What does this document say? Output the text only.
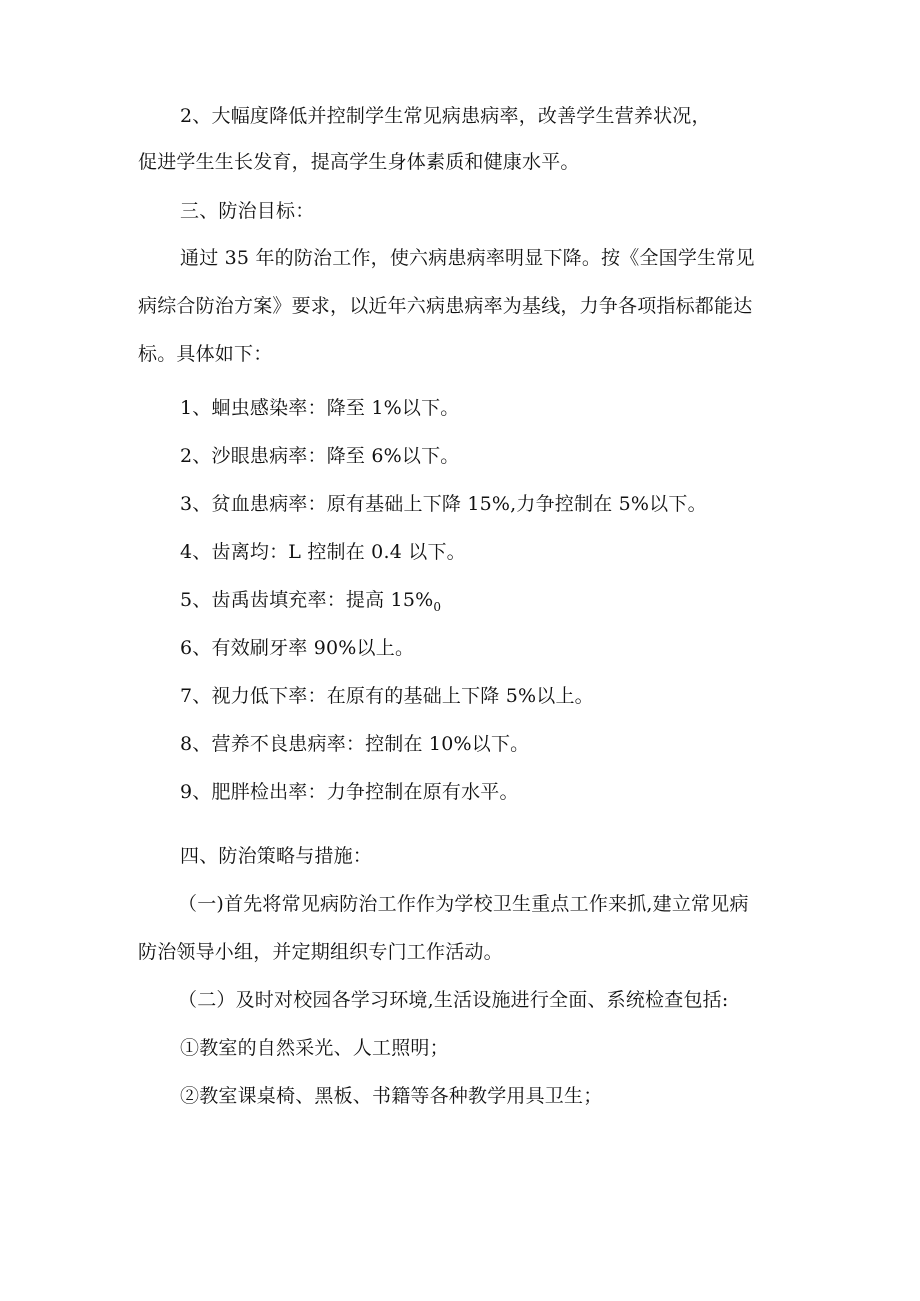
2、大幅度降低并控制学生常见病患病率，改善学生营养状况，
促进学生生长发育，提高学生身体素质和健康水平。
三、防治目标：
通过 35 年的防治工作，使六病患病率明显下降。按《全国学生常见
病综合防治方案》要求，以近年六病患病率为基线，力争各项指标都能达
标。具体如下：
1、蛔虫感染率：降至 1%以下。
2、沙眼患病率：降至 6%以下。
3、贫血患病率：原有基础上下降 15%,力争控制在 5%以下。
4、齿离均：L 控制在 0.4 以下。
5、齿禹齿填充率：提高 $15\%_0$
6、有效刷牙率 90%以上。
7、视力低下率：在原有的基础上下降 5%以上。
8、营养不良患病率：控制在 10%以下。
9、肥胖检出率：力争控制在原有水平。
四、防治策略与措施：
（一)首先将常见病防治工作作为学校卫生重点工作来抓,建立常见病
防治领导小组，并定期组织专门工作活动。
（二）及时对校园各学习环境,生活设施进行全面、系统检查包括:
①教室的自然采光、人工照明；
②教室课桌椅、黑板、书籍等各种教学用具卫生；
